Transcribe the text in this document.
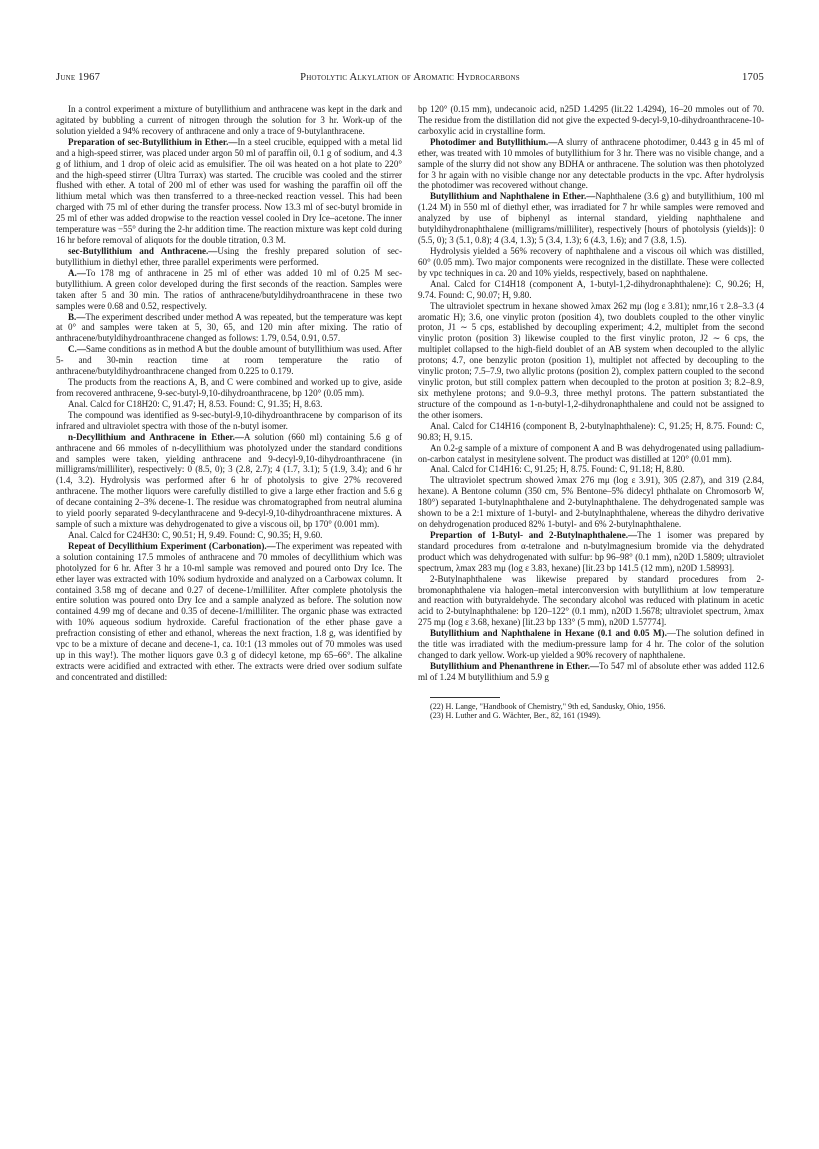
June 1967	Photolytic Alkylation of Aromatic Hydrocarbons	1705

In a control experiment a mixture of butyllithium and anthracene was kept in the dark and agitated by bubbling a current of nitrogen through the solution for 3 hr. Work-up of the solution yielded a 94% recovery of anthracene and only a trace of 9-butylanthracene.

Preparation of sec-Butyllithium in Ether.—In a steel crucible, equipped with a metal lid and a high-speed stirrer, was placed under argon 50 ml of paraffin oil, 0.1 g of sodium, and 4.3 g of lithium, and 1 drop of oleic acid as emulsifier. The oil was heated on a hot plate to 220° and the high-speed stirrer (Ultra Turrax) was started. The crucible was cooled and the stirrer flushed with ether. A total of 200 ml of ether was used for washing the paraffin oil off the lithium metal which was then transferred to a three-necked reaction vessel. This had been charged with 75 ml of ether during the transfer process. Now 13.3 ml of sec-butyl bromide in 25 ml of ether was added dropwise to the reaction vessel cooled in Dry Ice–acetone. The inner temperature was −55° during the 2-hr addition time. The reaction mixture was kept cold during 16 hr before removal of aliquots for the double titration, 0.3 M.

sec-Butyllithium and Anthracene.—Using the freshly prepared solution of sec-butyllithium in diethyl ether, three parallel experiments were performed.

A.—To 178 mg of anthracene in 25 ml of ether was added 10 ml of 0.25 M sec-butyllithium. A green color developed during the first seconds of the reaction. Samples were taken after 5 and 30 min. The ratios of anthracene/butyldihydroanthracene in these two samples were 0.68 and 0.52, respectively.

B.—The experiment described under method A was repeated, but the temperature was kept at 0° and samples were taken at 5, 30, 65, and 120 min after mixing. The ratio of anthracene/butyldihydroanthracene changed as follows: 1.79, 0.54, 0.91, 0.57.

C.—Same conditions as in method A but the double amount of butyllithium was used. After 5- and 30-min reaction time at room temperature the ratio of anthracene/butyldihydroanthracene changed from 0.225 to 0.179.

The products from the reactions A, B, and C were combined and worked up to give, aside from recovered anthracene, 9-sec-butyl-9,10-dihydroanthracene, bp 120° (0.05 mm).

Anal. Calcd for C18H20: C, 91.47; H, 8.53. Found: C, 91.35; H, 8.63.

The compound was identified as 9-sec-butyl-9,10-dihydroanthracene by comparison of its infrared and ultraviolet spectra with those of the n-butyl isomer.

n-Decyllithium and Anthracene in Ether.—A solution (660 ml) containing 5.6 g of anthracene and 66 mmoles of n-decyllithium was photolyzed under the standard conditions and samples were taken, yielding anthracene and 9-decyl-9,10-dihydroanthracene (in milligrams/milliliter), respectively: 0 (8.5, 0); 3 (2.8, 2.7); 4 (1.7, 3.1); 5 (1.9, 3.4); and 6 hr (1.4, 3.2). Hydrolysis was performed after 6 hr of photolysis to give 27% recovered anthracene. The mother liquors were carefully distilled to give a large ether fraction and 5.6 g of decane containing 2–3% decene-1. The residue was chromatographed from neutral alumina to yield poorly separated 9-decylanthracene and 9-decyl-9,10-dihydroanthracene mixtures. A sample of such a mixture was dehydrogenated to give a viscous oil, bp 170° (0.001 mm).

Anal. Calcd for C24H30: C, 90.51; H, 9.49. Found: C, 90.35; H, 9.60.

Repeat of Decyllithium Experiment (Carbonation).—The experiment was repeated with a solution containing 17.5 mmoles of anthracene and 70 mmoles of decyllithium which was photolyzed for 6 hr. After 3 hr a 10-ml sample was removed and poured onto Dry Ice. The ether layer was extracted with 10% sodium hydroxide and analyzed on a Carbowax column. It contained 3.58 mg of decane and 0.27 of decene-1/milliliter. After complete photolysis the entire solution was poured onto Dry Ice and a sample analyzed as before. The solution now contained 4.99 mg of decane and 0.35 of decene-1/milliliter. The organic phase was extracted with 10% aqueous sodium hydroxide. Careful fractionation of the ether phase gave a prefraction consisting of ether and ethanol, whereas the next fraction, 1.8 g, was identified by vpc to be a mixture of decane and decene-1, ca. 10:1 (13 mmoles out of 70 mmoles was used up in this way!). The mother liquors gave 0.3 g of didecyl ketone, mp 65–66°. The alkaline extracts were acidified and extracted with ether. The extracts were dried over sodium sulfate and concentrated and distilled:

bp 120° (0.15 mm), undecanoic acid, n25D 1.4295 (lit.22 1.4294), 16–20 mmoles out of 70. The residue from the distillation did not give the expected 9-decyl-9,10-dihydroanthracene-10-carboxylic acid in crystalline form.

Photodimer and Butyllithium.—A slurry of anthracene photodimer, 0.443 g in 45 ml of ether, was treated with 10 mmoles of butyllithium for 3 hr. There was no visible change, and a sample of the slurry did not show any BDHA or anthracene. The solution was then photolyzed for 3 hr again with no visible change nor any detectable products in the vpc. After hydrolysis the photodimer was recovered without change.

Butyllithium and Naphthalene in Ether.—Naphthalene (3.6 g) and butyllithium, 100 ml (1.24 M) in 550 ml of diethyl ether, was irradiated for 7 hr while samples were removed and analyzed by use of biphenyl as internal standard, yielding naphthalene and butyldihydronaphthalene (milligrams/milliliter), respectively [hours of photolysis (yields)]: 0 (5.5, 0); 3 (5.1, 0.8); 4 (3.4, 1.3); 5 (3.4, 1.3); 6 (4.3, 1.6); and 7 (3.8, 1.5).

Hydrolysis yielded a 56% recovery of naphthalene and a viscous oil which was distilled, 60° (0.05 mm). Two major components were recognized in the distillate. These were collected by vpc techniques in ca. 20 and 10% yields, respectively, based on naphthalene.

Anal. Calcd for C14H18 (component A, 1-butyl-1,2-dihydronaphthalene): C, 90.26; H, 9.74. Found: C, 90.07; H, 9.80.

The ultraviolet spectrum in hexane showed λmax 262 mμ (log ε 3.81); nmr,16 τ 2.8–3.3 (4 aromatic H); 3.6, one vinylic proton (position 4), two doublets coupled to the other vinylic proton, J1 ∼ 5 cps, established by decoupling experiment; 4.2, multiplet from the second vinylic proton (position 3) likewise coupled to the first vinylic proton, J2 ∼ 6 cps, the multiplet collapsed to the high-field doublet of an AB system when decoupled to the allylic protons; 4.7, one benzylic proton (position 1), multiplet not affected by decoupling to the vinylic proton; 7.5–7.9, two allylic protons (position 2), complex pattern coupled to the second vinylic proton, but still complex pattern when decoupled to the proton at position 3; 8.2–8.9, six methylene protons; and 9.0–9.3, three methyl protons. The pattern substantiated the structure of the compound as 1-n-butyl-1,2-dihydronaphthalene and could not be assigned to the other isomers.

Anal. Calcd for C14H16 (component B, 2-butylnaphthalene): C, 91.25; H, 8.75. Found: C, 90.83; H, 9.15.

An 0.2-g sample of a mixture of component A and B was dehydrogenated using palladium-on-carbon catalyst in mesitylene solvent. The product was distilled at 120° (0.01 mm).

Anal. Calcd for C14H16: C, 91.25; H, 8.75. Found: C, 91.18; H, 8.80.

The ultraviolet spectrum showed λmax 276 mμ (log ε 3.91), 305 (2.87), and 319 (2.84, hexane). A Bentone column (350 cm, 5% Bentone–5% didecyl phthalate on Chromosorb W, 180°) separated 1-butylnaphthalene and 2-butylnaphthalene. The dehydrogenated sample was shown to be a 2:1 mixture of 1-butyl- and 2-butylnaphthalene, whereas the dihydro derivative on dehydrogenation produced 82% 1-butyl- and 6% 2-butylnaphthalene.

Prepartion of 1-Butyl- and 2-Butylnaphthalene.—The 1 isomer was prepared by standard procedures from α-tetralone and n-butylmagnesium bromide via the dehydrated product which was dehydrogenated with sulfur: bp 96–98° (0.1 mm), n20D 1.5809; ultraviolet spectrum, λmax 283 mμ (log ε 3.83, hexane) [lit.23 bp 141.5 (12 mm), n20D 1.58993].

2-Butylnaphthalene was likewise prepared by standard procedures from 2-bromonaphthalene via halogen–metal interconversion with butyllithium at low temperature and reaction with butyraldehyde. The secondary alcohol was reduced with platinum in acetic acid to 2-butylnaphthalene: bp 120–122° (0.1 mm), n20D 1.5678; ultraviolet spectrum, λmax 275 mμ (log ε 3.68, hexane) [lit.23 bp 133° (5 mm), n20D 1.57774].

Butyllithium and Naphthalene in Hexane (0.1 and 0.05 M).—The solution defined in the title was irradiated with the medium-pressure lamp for 4 hr. The color of the solution changed to dark yellow. Work-up yielded a 90% recovery of naphthalene.

Butyllithium and Phenanthrene in Ether.—To 547 ml of absolute ether was added 112.6 ml of 1.24 M butyllithium and 5.9 g

(22) H. Lange, "Handbook of Chemistry," 9th ed, Sandusky, Ohio, 1956.

(23) H. Luther and G. Wächter, Ber., 82, 161 (1949).
